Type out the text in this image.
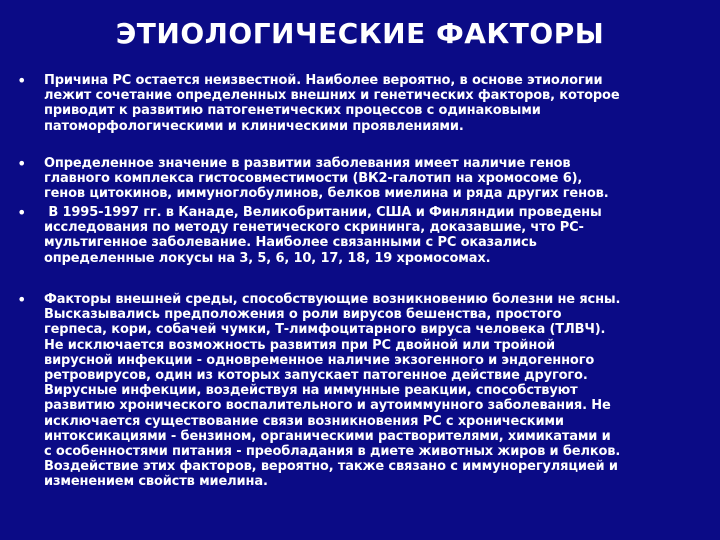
ЭТИОЛОГИЧЕСКИЕ ФАКТОРЫ
•	Причина РС остается неизвестной. Наиболее вероятно, в основе этиологии
лежит сочетание определенных внешних и генетических факторов, которое
приводит к развитию патогенетических процессов с одинаковыми
патоморфологическими и клиническими проявлениями.
•	Определенное значение в развитии заболевания имеет наличие генов
главного комплекса гистосовместимости (ВК2-галотип на хромосоме 6),
генов цитокинов, иммуноглобулинов, белков миелина и ряда других генов.
•	В 1995-1997 гг. в Канаде, Великобритании, США и Финляндии проведены
исследования по методу генетического скрининга, доказавшие, что РС-
мультигенное заболевание. Наиболее связанными с РС оказались
определенные локусы на 3, 5, 6, 10, 17, 18, 19 хромосомах.
•	Факторы внешней среды, способствующие возникновению болезни не ясны.
Высказывались предположения о роли вирусов бешенства, простого
герпеса, кори, собачей чумки, Т-лимфоцитарного вируса человека (ТЛВЧ).
Не исключается возможность развития при РС двойной или тройной
вирусной инфекции - одновременное наличие экзогенного и эндогенного
ретровирусов, один из которых запускает патогенное действие другого.
Вирусные инфекции, воздействуя на иммунные реакции, способствуют
развитию хронического воспалительного и аутоиммунного заболевания. Не
исключается существование связи возникновения РС с хроническими
интоксикациями - бензином, органическими растворителями, химикатами и
с особенностями питания - преобладания в диете животных жиров и белков.
Воздействие этих факторов, вероятно, также связано с иммунорегуляцией и
изменением свойств миелина.
